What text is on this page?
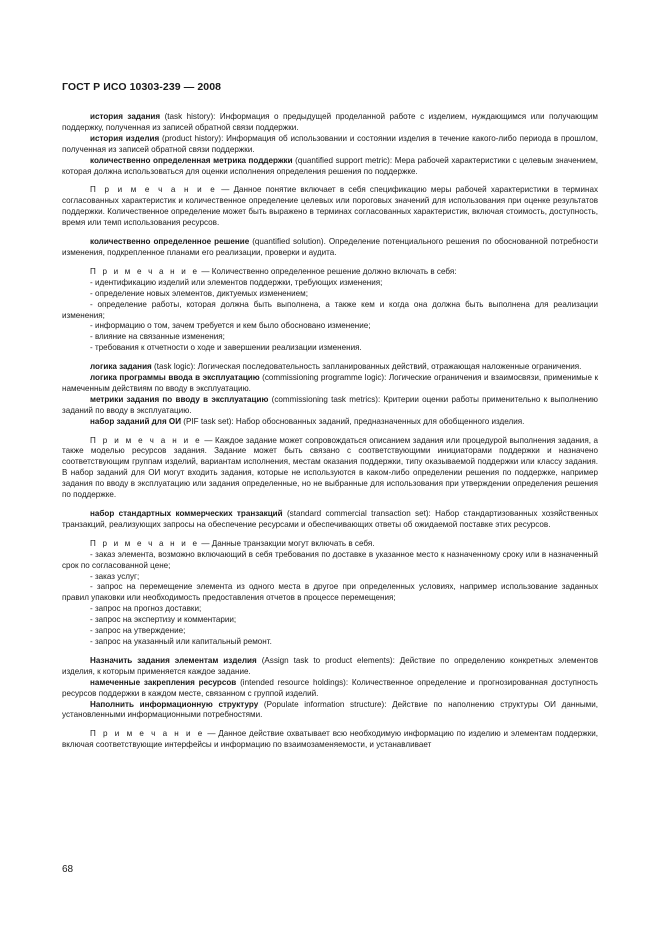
ГОСТ Р ИСО 10303-239 — 2008

история задания (task history): Информация о предыдущей проделанной работе с изделием, нуждающимся или получающим поддержку, полученная из записей обратной связи поддержки.

история изделия (product history): Информация об использовании и состоянии изделия в течение какого-либо периода в прошлом, полученная из записей обратной связи поддержки.

количественно определенная метрика поддержки (quantified support metric): Мера рабочей характеристики с целевым значением, которая должна использоваться для оценки исполнения определения решения по поддержке.

П р и м е ч а н и е — Данное понятие включает в себя спецификацию меры рабочей характеристики в терминах согласованных характеристик и количественное определение целевых или пороговых значений для использования при оценке результатов поддержки. Количественное определение может быть выражено в терминах согласованных характеристик, включая стоимость, доступность, время или темп использования ресурсов.

количественно определенное решение (quantified solution). Определение потенциального решения по обоснованной потребности изменения, подкрепленное планами его реализации, проверки и аудита.

П р и м е ч а н и е — Количественно определенное решение должно включать в себя:

- идентификацию изделий или элементов поддержки, требующих изменения;

- определение новых элементов, диктуемых изменением;

- определение работы, которая должна быть выполнена, а также кем и когда она должна быть выполнена для реализации изменения;

- информацию о том, зачем требуется и кем было обосновано изменение;

- влияние на связанные изменения;

- требования к отчетности о ходе и завершении реализации изменения.

логика задания (task logic): Логическая последовательность запланированных действий, отражающая наложенные ограничения.

логика программы ввода в эксплуатацию (commissioning programme logic): Логические ограничения и взаимосвязи, применимые к намеченным действиям по вводу в эксплуатацию.

метрики задания по вводу в эксплуатацию (commissioning task metrics): Критерии оценки работы применительно к выполнению заданий по вводу в эксплуатацию.

набор заданий для ОИ (PIF task set): Набор обоснованных заданий, предназначенных для обобщенного изделия.

П р и м е ч а н и е — Каждое задание может сопровождаться описанием задания или процедурой выполнения задания, а также моделью ресурсов задания. Задание может быть связано с соответствующими инициаторами поддержки и назначено соответствующим группам изделий, вариантам исполнения, местам оказания поддержки, типу оказываемой поддержки или классу задания. В набор заданий для ОИ могут входить задания, которые не используются в каком-либо определении решения по поддержке, например задания по вводу в эксплуатацию или задания определенные, но не выбранные для использования при утверждении определения решения по поддержке.

набор стандартных коммерческих транзакций (standard commercial transaction set): Набор стандартизованных хозяйственных транзакций, реализующих запросы на обеспечение ресурсами и обеспечивающих ответы об ожидаемой поставке этих ресурсов.

П р и м е ч а н и е — Данные транзакции могут включать в себя.

- заказ элемента, возможно включающий в себя требования по доставке в указанное место к назначенному сроку или в назначенный срок по согласованной цене;

- заказ услуг;

- запрос на перемещение элемента из одного места в другое при определенных условиях, например использование заданных правил упаковки или необходимость предоставления отчетов в процессе перемещения;

- запрос на прогноз доставки;

- запрос на экспертизу и комментарии;

- запрос на утверждение;

- запрос на указанный или капитальный ремонт.

Назначить задания элементам изделия (Assign task to product elements): Действие по определению конкретных элементов изделия, к которым применяется каждое задание.

намеченные закрепления ресурсов (intended resource holdings): Количественное определение и прогнозированная доступность ресурсов поддержки в каждом месте, связанном с группой изделий.

Наполнить информационную структуру (Populate information structure): Действие по наполнению структуры ОИ данными, установленными информационными потребностями.

П р и м е ч а н и е — Данное действие охватывает всю необходимую информацию по изделию и элементам поддержки, включая соответствующие интерфейсы и информацию по взаимозаменяемости, и устанавливает

68
